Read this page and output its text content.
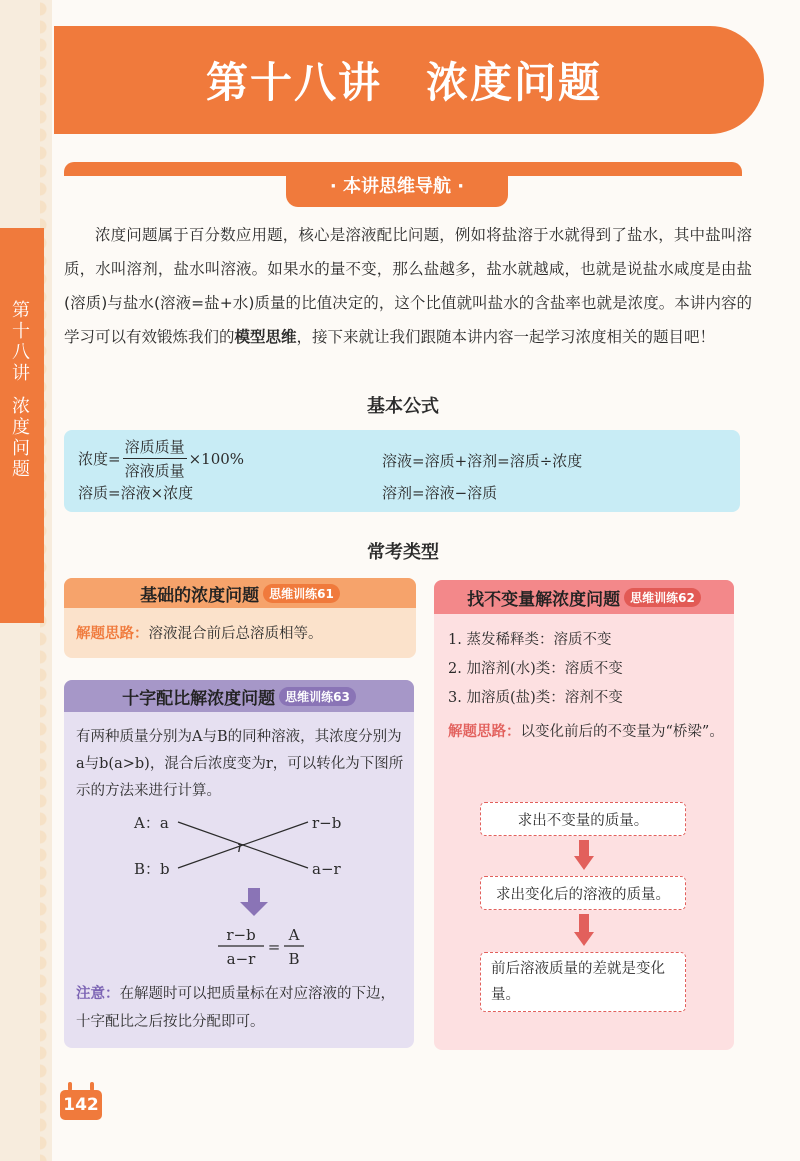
第
十
八
讲
浓
度
问
题
第十八讲　浓度问题
· 本讲思维导航 ·

浓度问题属于百分数应用题，核心是溶液配比问题，例如将盐溶于水就得到了盐水，其中盐叫溶质，水叫溶剂，盐水叫溶液。如果水的量不变，那么盐越多，盐水就越咸，也就是说盐水咸度是由盐(溶质)与盐水(溶液=盐+水)质量的比值决定的，这个比值就叫盐水的含盐率也就是浓度。本讲内容的学习可以有效锻炼我们的模型思维，接下来就让我们跟随本讲内容一起学习浓度相关的题目吧！

基本公式
浓度= $\frac{\text{溶质质量}}{\text{溶液质量}} \times 100\%$
溶质=溶液×浓度
溶液=溶质+溶剂=溶质÷浓度
溶剂=溶液−溶质
常考类型
基础的浓度问题 思维训练61
解题思路：溶液混合前后总溶质相等。
十字配比解浓度问题 思维训练63
有两种质量分别为A与B的同种溶液，其浓度分别为a与b(a>b)，混合后浓度变为r，可以转化为下图所示的方法来进行计算。
A：a
B：b
r
r−b
a−r
r−b
a−r
=
A
B
注意：在解题时可以把质量标在对应溶液的下边，十字配比之后按比分配即可。
找不变量解浓度问题 思维训练62
1. 蒸发稀释类：溶质不变
2. 加溶剂(水)类：溶质不变
3. 加溶质(盐)类：溶剂不变
解题思路：以变化前后的不变量为“桥梁”。
求出不变量的质量。
求出变化后的溶液的质量。
前后溶液质量的差就是变化量。
142
